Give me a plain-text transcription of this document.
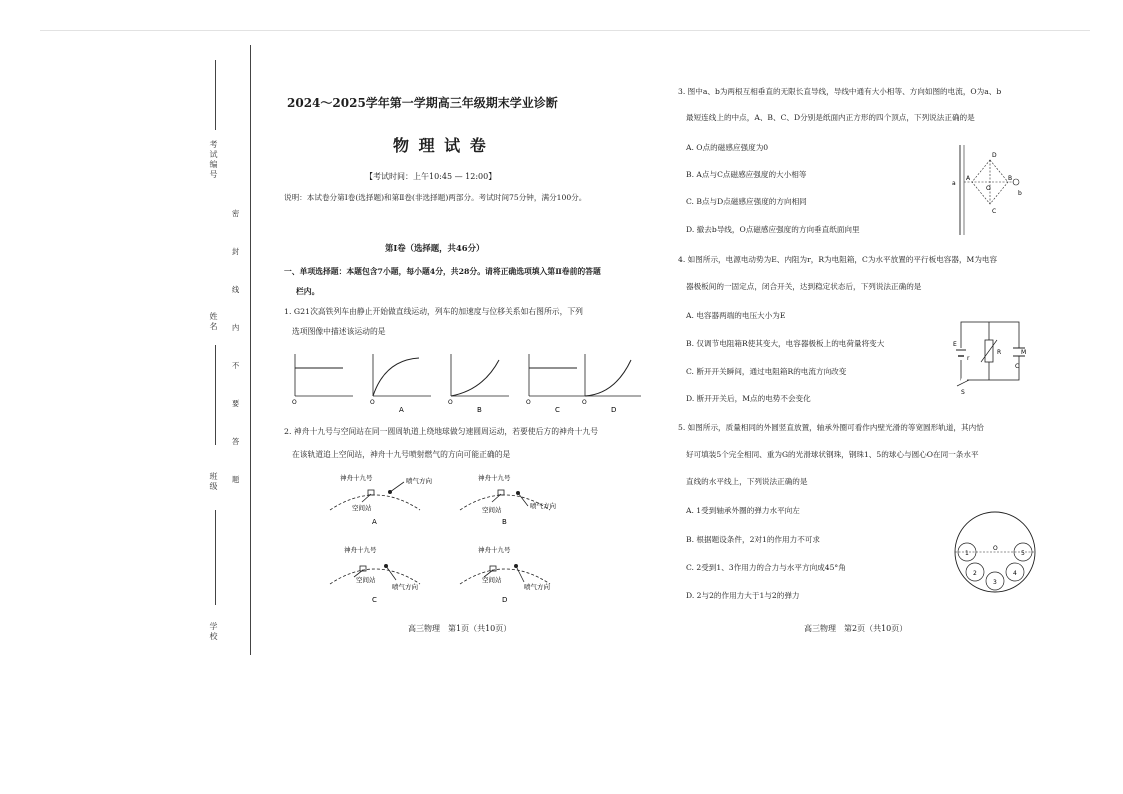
考试编号
姓名
班级
学校
密
封
线
内
不
要
答
题
2024～2025学年第一学期高三年级期末学业诊断
物 理 试 卷
【考试时间：上午10:45 — 12:00】
说明：本试卷分第Ⅰ卷(选择题)和第Ⅱ卷(非选择题)两部分。考试时间75分钟，满分100分。
第Ⅰ卷（选择题，共46分）
一、单项选择题：本题包含7小题，每小题4分，共28分。请将正确选项填入第Ⅱ卷前的答题
栏内。
1. G21次高铁列车由静止开始做直线运动，列车的加速度与位移关系如右图所示，下列
选项图像中描述该运动的是
O	O
A
O
B
O
C
O
D
2. 神舟十九号与空间站在同一圆周轨道上绕地球做匀速圆周运动，若要使后方的神舟十九号
在该轨道追上空间站，神舟十九号喷射燃气的方向可能正确的是
神舟十九号	喷气方向
空间站
A
神舟十九号
喷气方向
空间站
B
神舟十九号
喷气方向
空间站
C
神舟十九号
喷气方向
空间站
D
高三物理　第1页（共10页）
3. 图中a、b为两根互相垂直的无限长直导线，导线中通有大小相等、方向如图的电流，O为a、b
最短连线上的中点，A、B、C、D分别是纸面内正方形的四个顶点，下列说法正确的是
A. O点的磁感应强度为0
B. A点与C点磁感应强度的大小相等
C. B点与D点磁感应强度的方向相同
D. 撤去b导线，O点磁感应强度的方向垂直纸面向里
a
b
D
A	B
C
O
4. 如图所示，电源电动势为E、内阻为r，R为电阻箱，C为水平放置的平行板电容器，M为电容
器极板间的一固定点，闭合开关，达到稳定状态后，下列说法正确的是
A. 电容器两端的电压大小为E
B. 仅调节电阻箱R使其变大，电容器极板上的电荷量将变大
C. 断开开关瞬间，通过电阻箱R的电流方向改变
D. 断开开关后，M点的电势不会变化
E
r
R	M
C
S
5. 如图所示，质量相同的外圆竖直放置，轴承外圈可看作内壁光滑的等宽圆形轨道，其内恰
好可填装5个完全相同、重为G的光滑球状钢珠，钢珠1、5的球心与圆心O在同一条水平
直线的水平线上，下列说法正确的是
A. 1受到轴承外圈的弹力水平向左
B. 根据题设条件，2对1的作用力不可求
C. 2受到1、3作用力的合力与水平方向成45°角
D. 2与2的作用力大于1与2的弹力
1
2
3
4
5
O
高三物理　第2页（共10页）
